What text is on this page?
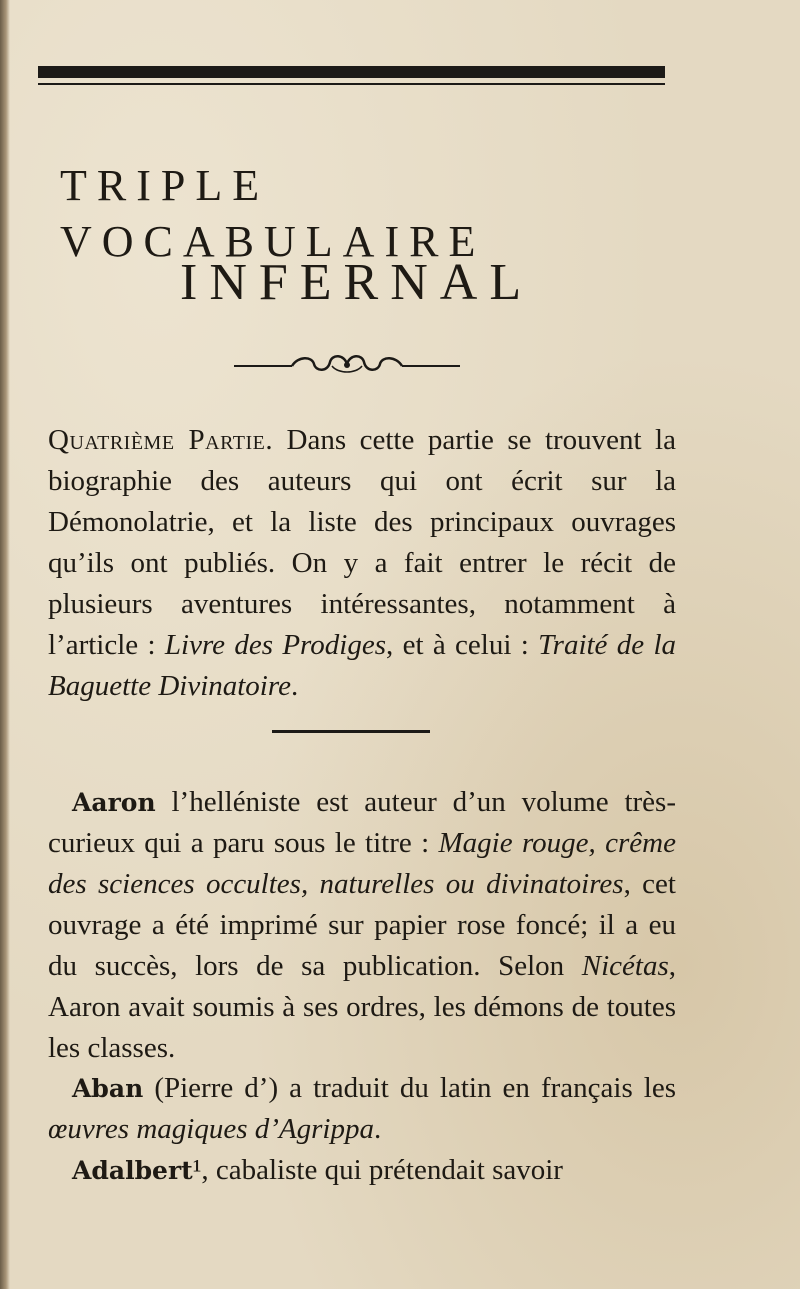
TRIPLE VOCABULAIRE
INFERNAL

Quatrième Partie. Dans cette partie se trouvent la biographie des auteurs qui ont écrit sur la Démonolatrie, et la liste des principaux ouvrages qu’ils ont publiés. On y a fait entrer le récit de plusieurs aventures intéressantes, notamment à l’article : Livre des Prodiges, et à celui : Traité de la Baguette Divinatoire.

Aaron l’helléniste est auteur d’un volume très- curieux qui a paru sous le titre : Magie rouge, crême des sciences occultes, naturelles ou divinatoires, cet ouvrage a été imprimé sur papier rose foncé; il a eu du succès, lors de sa publication. Selon Nicétas, Aaron avait soumis à ses ordres, les démons de toutes les classes.

Aban (Pierre d’) a traduit du latin en français les œuvres magiques d’Agrippa.

Adalbert¹, cabaliste qui prétendait savoir
